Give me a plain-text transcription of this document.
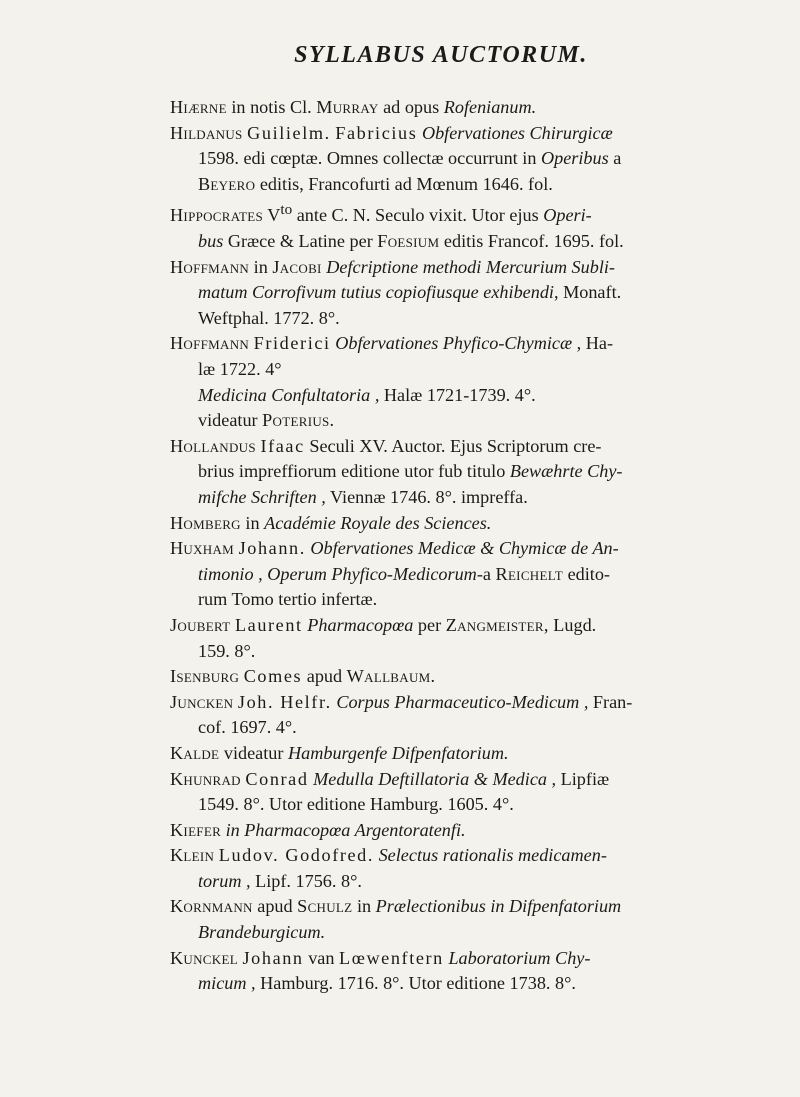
SYLLABUS AUCTORUM.
Hiærne in notis Cl. Murray ad opus Rofenianum.
Hildanus Guilielm. Fabricius Obfervationes Chirurgicæ
1598. edi cœptæ. Omnes collectæ occurrunt in Operibus a
Beyero editis, Francofurti ad Mœnum 1646. fol.
Hippocrates $V^{to}$ ante C. N. Seculo vixit. Utor ejus Operi-
bus Græce & Latine per Foesium editis Francof. 1695. fol.
Hoffmann in Jacobi Defcriptione methodi Mercurium Subli-
matum Corrofivum tutius copiofiusque exhibendi, Monaft.
Weftphal. 1772. 8°.
Hoffmann Friderici Obfervationes Phyfico-Chymicæ , Ha-
læ 1722. 4°
Medicina Confultatoria , Halæ 1721-1739. 4°.
videatur Poterius.
Hollandus Ifaac Seculi XV. Auctor. Ejus Scriptorum cre-
brius impreffiorum editione utor fub titulo Bewæhrte Chy-
mifche Schriften , Viennæ 1746. 8°. impreffa.
Homberg in Académie Royale des Sciences.
Huxham Johann. Obfervationes Medicæ & Chymicæ de An-
timonio , Operum Phyfico-Medicorum-a Reichelt edito-
rum Tomo tertio infertæ.
Joubert Laurent Pharmacopœa per Zangmeister, Lugd.
159. 8°.
Isenburg Comes apud Wallbaum.
Juncken Joh. Helfr. Corpus Pharmaceutico-Medicum , Fran-
cof. 1697. 4°.
Kalde videatur Hamburgenfe Difpenfatorium.
Khunrad Conrad Medulla Deftillatoria & Medica , Lipfiæ
1549. 8°. Utor editione Hamburg. 1605. 4°.
Kiefer in Pharmacopœa Argentoratenfi.
Klein Ludov. Godofred. Selectus rationalis medicamen-
torum , Lipf. 1756. 8°.
Kornmann apud Schulz in Prælectionibus in Difpenfatorium
Brandeburgicum.
Kunckel Johann van Lœwenftern Laboratorium Chy-
micum , Hamburg. 1716. 8°. Utor editione 1738. 8°.
